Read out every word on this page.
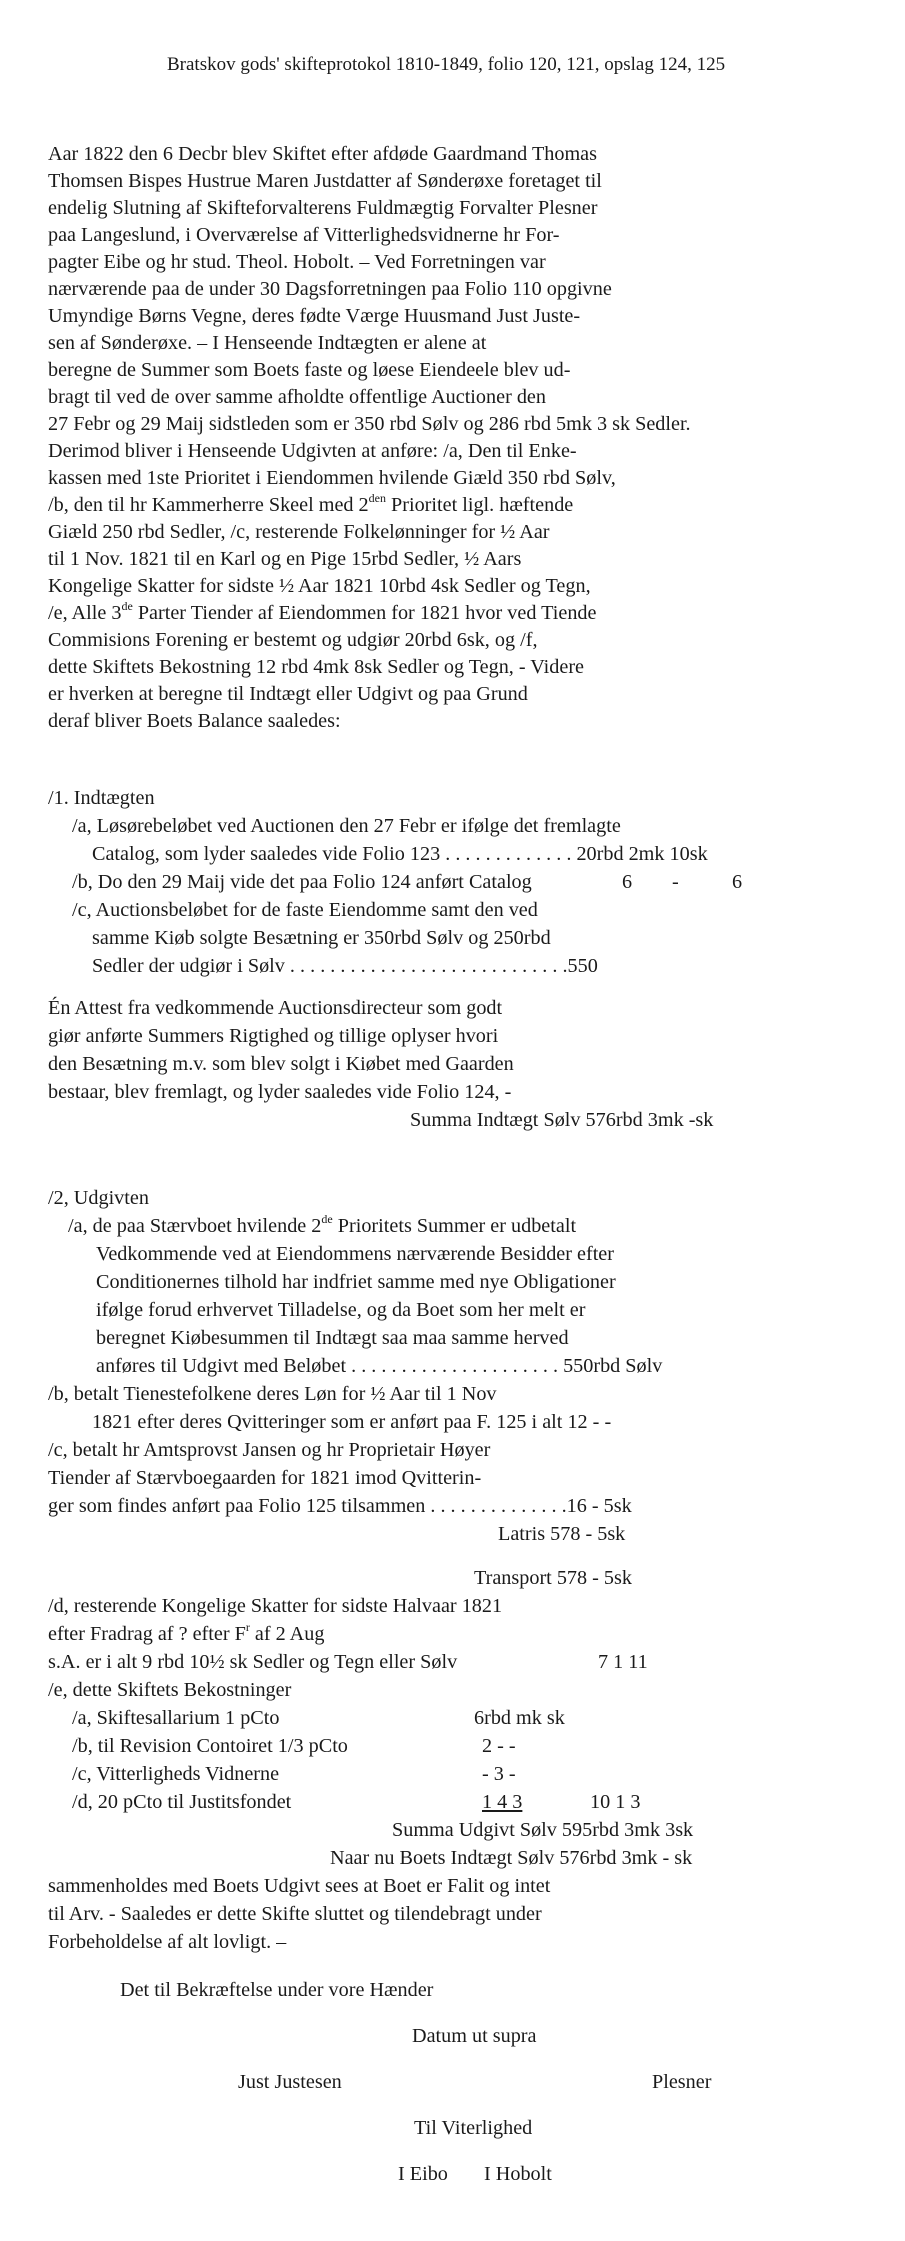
Bratskov gods' skifteprotokol 1810-1849, folio 120, 121, opslag 124, 125
Aar 1822 den 6 Decbr blev Skiftet efter afdøde Gaardmand Thomas
Thomsen Bispes Hustrue Maren Justdatter af Sønderøxe foretaget til
endelig Slutning af Skifteforvalterens Fuldmægtig Forvalter Plesner
paa Langeslund, i Overværelse af Vitterlighedsvidnerne hr For-
pagter Eibe og hr stud. Theol. Hobolt. – Ved Forretningen var
nærværende paa de under 30 Dagsforretningen paa Folio 110 opgivne
Umyndige Børns Vegne, deres fødte Værge Huusmand Just Juste-
sen af Sønderøxe. – I Henseende Indtægten er alene at
beregne de Summer som Boets faste og løese Eiendeele blev ud-
bragt til ved de over samme afholdte offentlige Auctioner den
27 Febr og 29 Maij sidstleden som er 350 rbd Sølv og 286 rbd 5mk 3 sk Sedler.
Derimod bliver i Henseende Udgivten at anføre: /a, Den til Enke-
kassen med 1ste Prioritet i Eiendommen hvilende Giæld 350 rbd Sølv,
/b, den til hr Kammerherre Skeel med $2^{den}$ Prioritet ligl. hæftende
Giæld 250 rbd Sedler, /c, resterende Folkelønninger for ½ Aar
til 1 Nov. 1821 til en Karl og en Pige 15rbd Sedler, ½ Aars
Kongelige Skatter for sidste ½ Aar 1821 10rbd 4sk Sedler og Tegn,
/e, Alle 3de Parter Tiender af Eiendommen for 1821 hvor ved Tiende
Commisions Forening er bestemt og udgiør 20rbd 6sk, og /f,
dette Skiftets Bekostning 12 rbd 4mk 8sk Sedler og Tegn, - Videre
er hverken at beregne til Indtægt eller Udgivt og paa Grund
deraf bliver Boets Balance saaledes:
/1. Indtægten
/a, Løsørebeløbet ved Auctionen den 27 Febr er ifølge det fremlagte
Catalog, som lyder saaledes vide Folio 123 . . . . . . . . . . . . . 20rbd 2mk 10sk
/b, Do den 29 Maij vide det paa Folio 124 anført Catalog	6 -	6
/c, Auctionsbeløbet for de faste Eiendomme samt den ved
samme Kiøb solgte Besætning er 350rbd Sølv og 250rbd
Sedler der udgiør i Sølv . . . . . . . . . . . . . . . . . . . . . . . . . . . .550
Én Attest fra vedkommende Auctionsdirecteur som godt
giør anførte Summers Rigtighed og tillige oplyser hvori
den Besætning m.v. som blev solgt i Kiøbet med Gaarden
bestaar, blev fremlagt, og lyder saaledes vide Folio 124, -
Summa Indtægt Sølv 576rbd 3mk -sk
/2, Udgivten
/a, de paa Stærvboet hvilende 2de Prioritets Summer er udbetalt
Vedkommende ved at Eiendommens nærværende Besidder efter
Conditionernes tilhold har indfriet samme med nye Obligationer
ifølge forud erhvervet Tilladelse, og da Boet som her melt er
beregnet Kiøbesummen til Indtægt saa maa samme herved
anføres til Udgivt med Beløbet . . . . . . . . . . . . . . . . . . . . . 550rbd Sølv
/b, betalt Tienestefolkene deres Løn for ½ Aar til 1 Nov
1821 efter deres Qvitteringer som er anført paa F. 125 i alt 12 - -
/c, betalt hr Amtsprovst Jansen og hr Proprietair Høyer
Tiender af Stærvboegaarden for 1821 imod Qvitterin-
ger som findes anført paa Folio 125 tilsammen . . . . . . . . . . . . . .16 - 5sk
Latris 578 - 5sk
Transport 578 - 5sk
/d, resterende Kongelige Skatter for sidste Halvaar 1821
efter Fradrag af ? efter $F^r$ af 2 Aug
s.A. er i alt 9 rbd 10½ sk Sedler og Tegn eller Sølv	7 1 11
/e, dette Skiftets Bekostninger
/a, Skiftesallarium 1 pCto	6rbd mk sk
/b, til Revision Contoiret 1/3 pCto	2 - -
/c, Vitterligheds Vidnerne	- 3 -
/d, 20 pCto til Justitsfondet	1 4 3	10 1 3
Summa Udgivt Sølv 595rbd 3mk 3sk
Naar nu Boets Indtægt Sølv 576rbd 3mk - sk
sammenholdes med Boets Udgivt sees at Boet er Falit og intet
til Arv. - Saaledes er dette Skifte sluttet og tilendebragt under
Forbeholdelse af alt lovligt. –
Det til Bekræftelse under vore Hænder
Datum ut supra
Just Justesen	Plesner
Til Viterlighed
I Eibo I Hobolt
